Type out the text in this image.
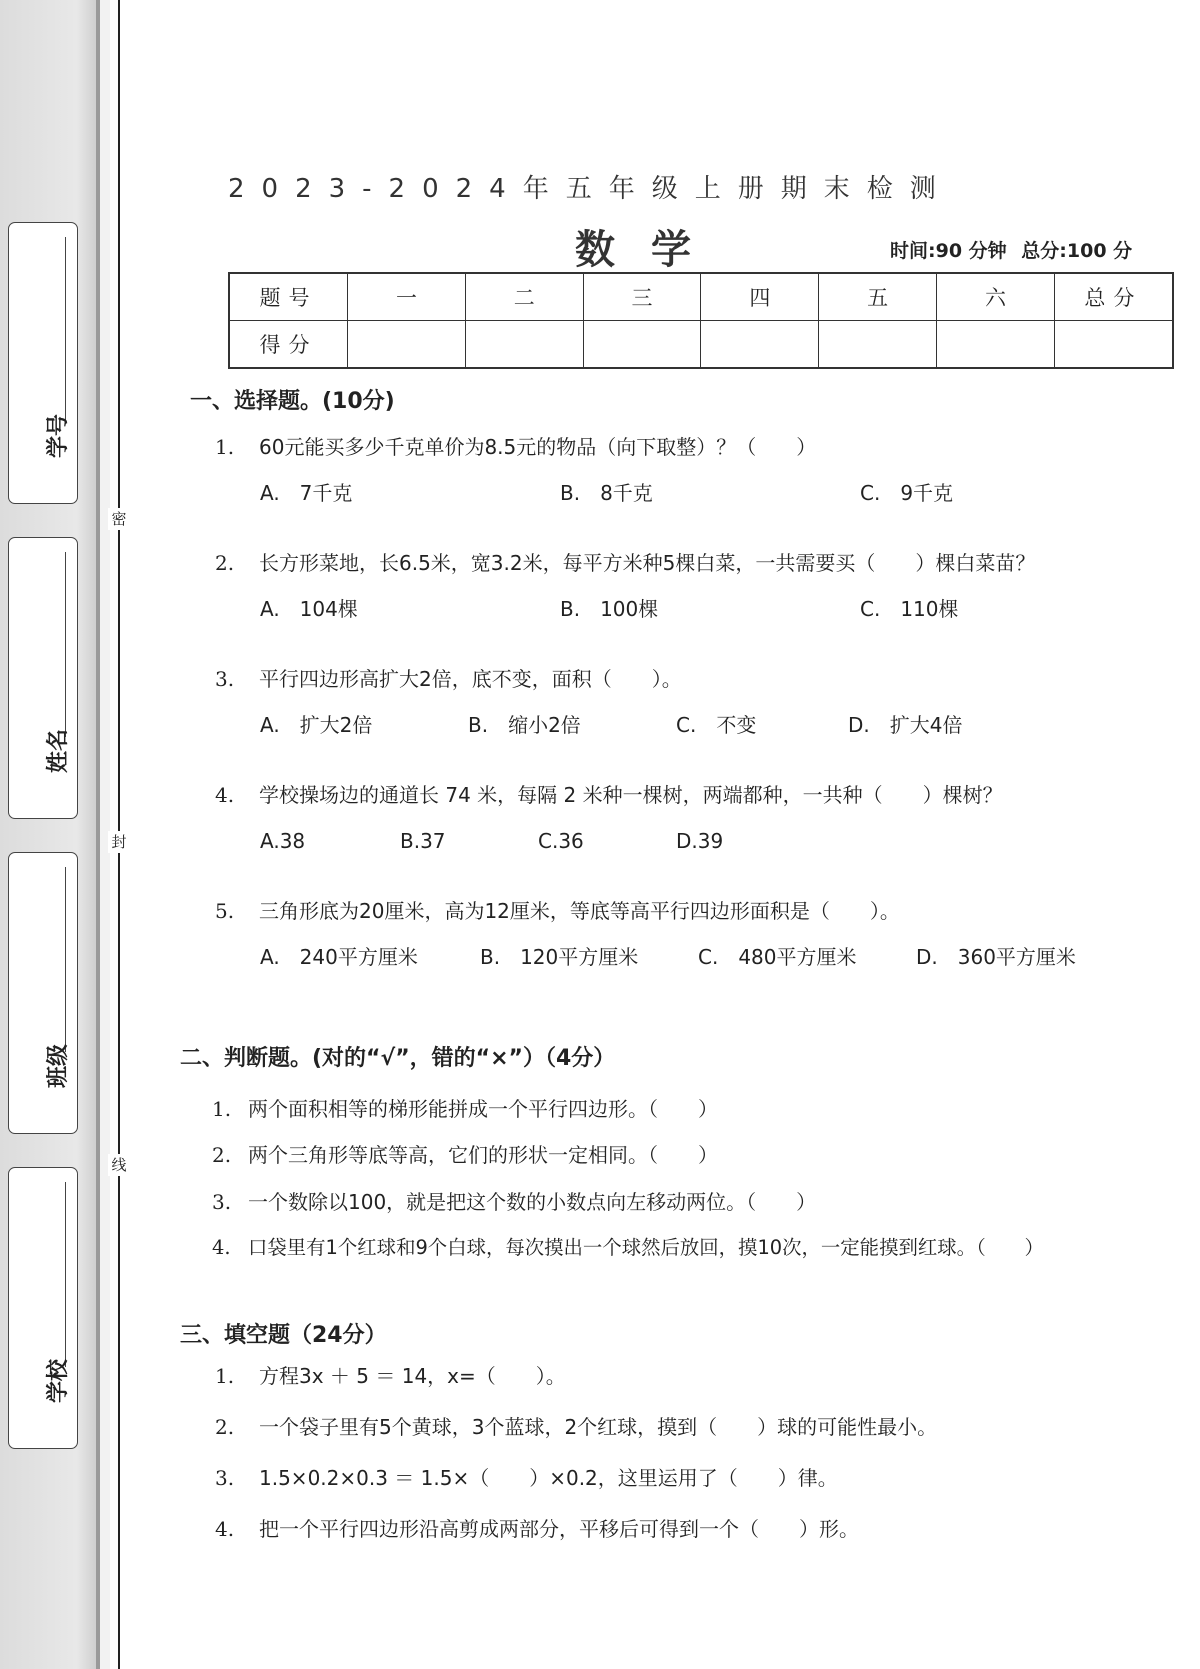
密
封
线
学号
姓名
班级
学校
2023-2024年五年级上册期末检测
数学	时间:90 分钟 总分:100 分
题号	一	二	三	四	五	六	总分
得分							
一、选择题。(10分)
1. 60元能买多少千克单价为8.5元的物品（向下取整）？（　　）
A.　7千克	B.　8千克	C.　9千克
2. 长方形菜地，长6.5米，宽3.2米，每平方米种5棵白菜，一共需要买（　　）棵白菜苗？
A.　104棵	B.　100棵	C.　110棵
3. 平行四边形高扩大2倍，底不变，面积（　　）。
A.　扩大2倍	B.　缩小2倍	C.　不变	D.　扩大4倍
4. 学校操场边的通道长 74 米，每隔 2 米种一棵树，两端都种，一共种（　　）棵树？
A.38	B.37	C.36	D.39
5. 三角形底为20厘米，高为12厘米，等底等高平行四边形面积是（　　）。
A.　240平方厘米	B.　120平方厘米	C.　480平方厘米	D.　360平方厘米
二、判断题。(对的“√”，错的“×”）（4分）
1. 两个面积相等的梯形能拼成一个平行四边形。（　　）
2. 两个三角形等底等高，它们的形状一定相同。（　　）
3. 一个数除以100，就是把这个数的小数点向左移动两位。（　　）
4. 口袋里有1个红球和9个白球，每次摸出一个球然后放回，摸10次，一定能摸到红球。（　　）
三、填空题（24分）
1. 方程3x ＋ 5 ＝ 14，x=（　　）。
2. 一个袋子里有5个黄球，3个蓝球，2个红球，摸到（　　）球的可能性最小。
3. 1.5×0.2×0.3 ＝ 1.5×（　　）×0.2，这里运用了（　　）律。
4. 把一个平行四边形沿高剪成两部分，平移后可得到一个（　　）形。
